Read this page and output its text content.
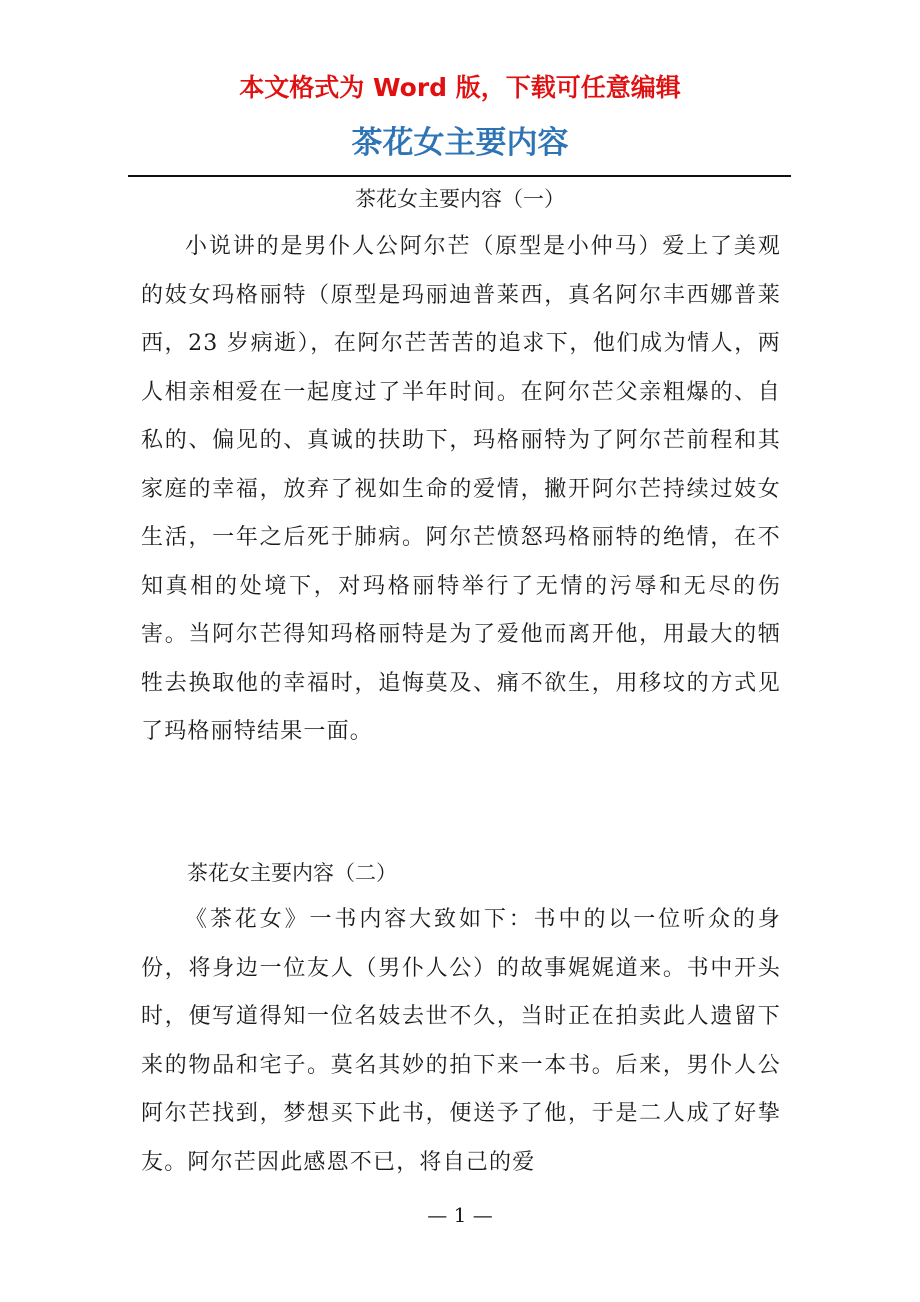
本文格式为 Word 版，下载可任意编辑
茶花女主要内容
茶花女主要内容（一）

小说讲的是男仆人公阿尔芒（原型是小仲马）爱上了美观的妓女玛格丽特（原型是玛丽迪普莱西，真名阿尔丰西娜普莱西，23 岁病逝），在阿尔芒苦苦的追求下，他们成为情人，两人相亲相爱在一起度过了半年时间。在阿尔芒父亲粗爆的、自私的、偏见的、真诚的扶助下，玛格丽特为了阿尔芒前程和其家庭的幸福，放弃了视如生命的爱情，撇开阿尔芒持续过妓女生活，一年之后死于肺病。阿尔芒愤怒玛格丽特的绝情，在不知真相的处境下，对玛格丽特举行了无情的污辱和无尽的伤害。当阿尔芒得知玛格丽特是为了爱他而离开他，用最大的牺牲去换取他的幸福时，追悔莫及、痛不欲生，用移坟的方式见了玛格丽特结果一面。

茶花女主要内容（二）

《茶花女》一书内容大致如下：书中的以一位听众的身份，将身边一位友人（男仆人公）的故事娓娓道来。书中开头时，便写道得知一位名妓去世不久，当时正在拍卖此人遗留下来的物品和宅子。莫名其妙的拍下来一本书。后来，男仆人公阿尔芒找到，梦想买下此书，便送予了他，于是二人成了好挚友。阿尔芒因此感恩不已，将自己的爱

— 1 —
